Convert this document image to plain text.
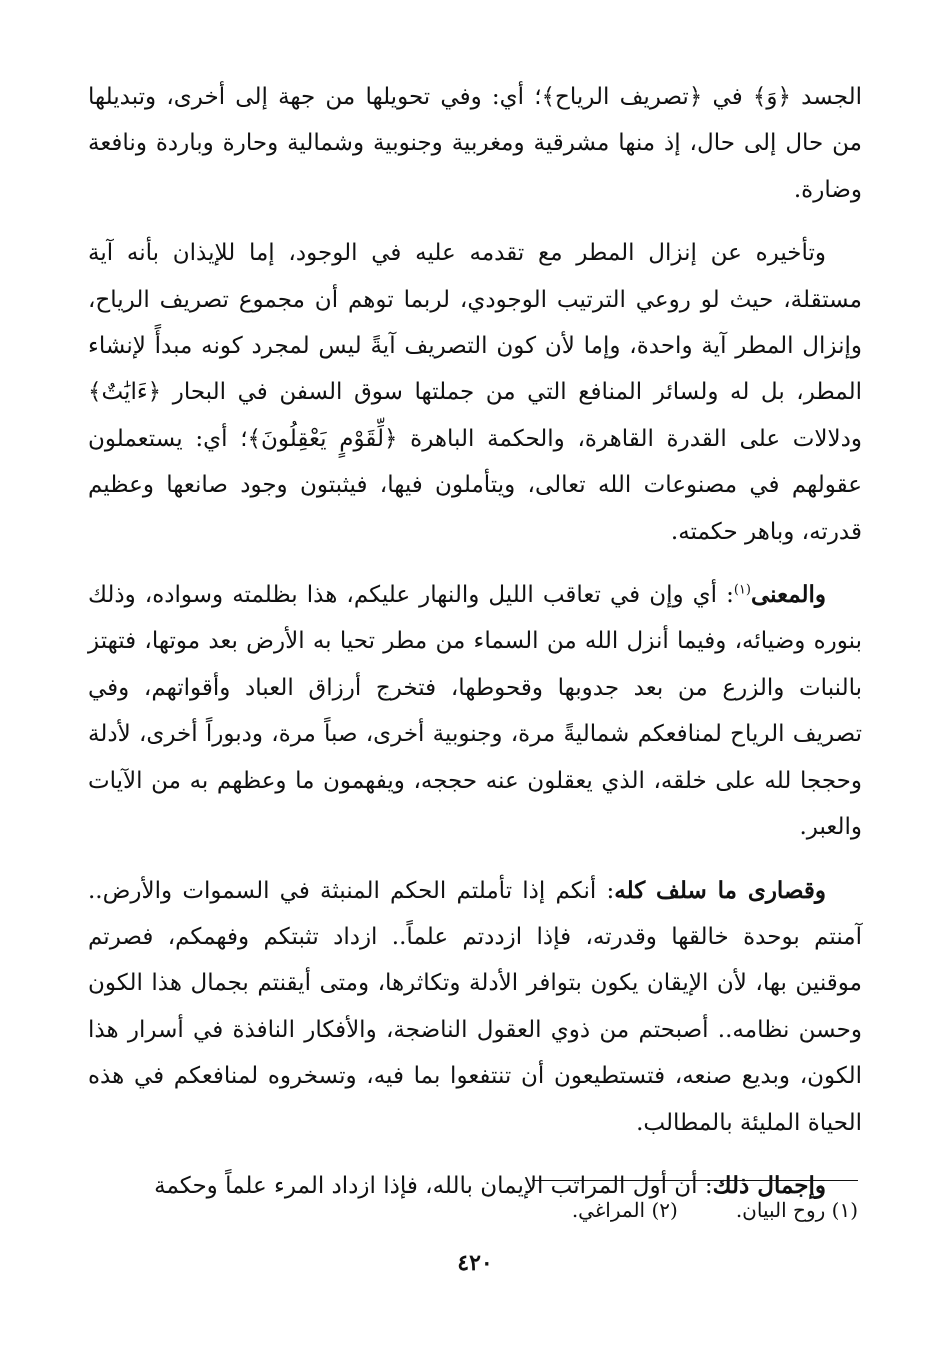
الجسد ﴿وَ﴾ في ﴿تصريف الرياح﴾؛ أي: وفي تحويلها من جهة إلى أخرى، وتبديلها من حال إلى حال، إذ منها مشرقية ومغربية وجنوبية وشمالية وحارة وباردة ونافعة وضارة.

وتأخيره عن إنزال المطر مع تقدمه عليه في الوجود، إما للإيذان بأنه آية مستقلة، حيث لو روعي الترتيب الوجودي، لربما توهم أن مجموع تصريف الرياح، وإنزال المطر آية واحدة، وإما لأن كون التصريف آيةً ليس لمجرد كونه مبدأً لإنشاء المطر، بل له ولسائر المنافع التي من جملتها سوق السفن في البحار ﴿ءَايَٰتٌ﴾ ودلالات على القدرة القاهرة، والحكمة الباهرة ﴿لِّقَوْمٍ يَعْقِلُونَ﴾؛ أي: يستعملون عقولهم في مصنوعات الله تعالى، ويتأملون فيها، فيثبتون وجود صانعها وعظيم قدرته، وباهر حكمته.

والمعنى$^{(١)}$: أي وإن في تعاقب الليل والنهار عليكم، هذا بظلمته وسواده، وذلك بنوره وضيائه، وفيما أنزل الله من السماء من مطر تحيا به الأرض بعد موتها، فتهتز بالنبات والزرع من بعد جدوبها وقحوطها، فتخرج أرزاق العباد وأقواتهم، وفي تصريف الرياح لمنافعكم شماليةً مرة، وجنوبية أخرى، صباً مرة، ودبوراً أخرى، لأدلة وحججا لله على خلقه، الذي يعقلون عنه حججه، ويفهمون ما وعظهم به من الآيات والعبر.

وقصارى ما سلف كله: أنكم إذا تأملتم الحكم المنبثة في السموات والأرض.. آمنتم بوحدة خالقها وقدرته، فإذا ازددتم علماً.. ازداد تثبتكم وفهمكم، فصرتم موقنين بها، لأن الإيقان يكون بتوافر الأدلة وتكاثرها، ومتى أيقنتم بجمال هذا الكون وحسن نظامه.. أصبحتم من ذوي العقول الناضجة، والأفكار النافذة في أسرار هذا الكون، وبديع صنعه، فتستطيعون أن تنتفعوا بما فيه، وتسخروه لمنافعكم في هذه الحياة المليئة بالمطالب.

وإجمال ذلك: أن أول المراتب الإيمان بالله، فإذا ازداد المرء علماً وحكمة

(١) روح البيان.(٢) المراغي.
٤٢٠
